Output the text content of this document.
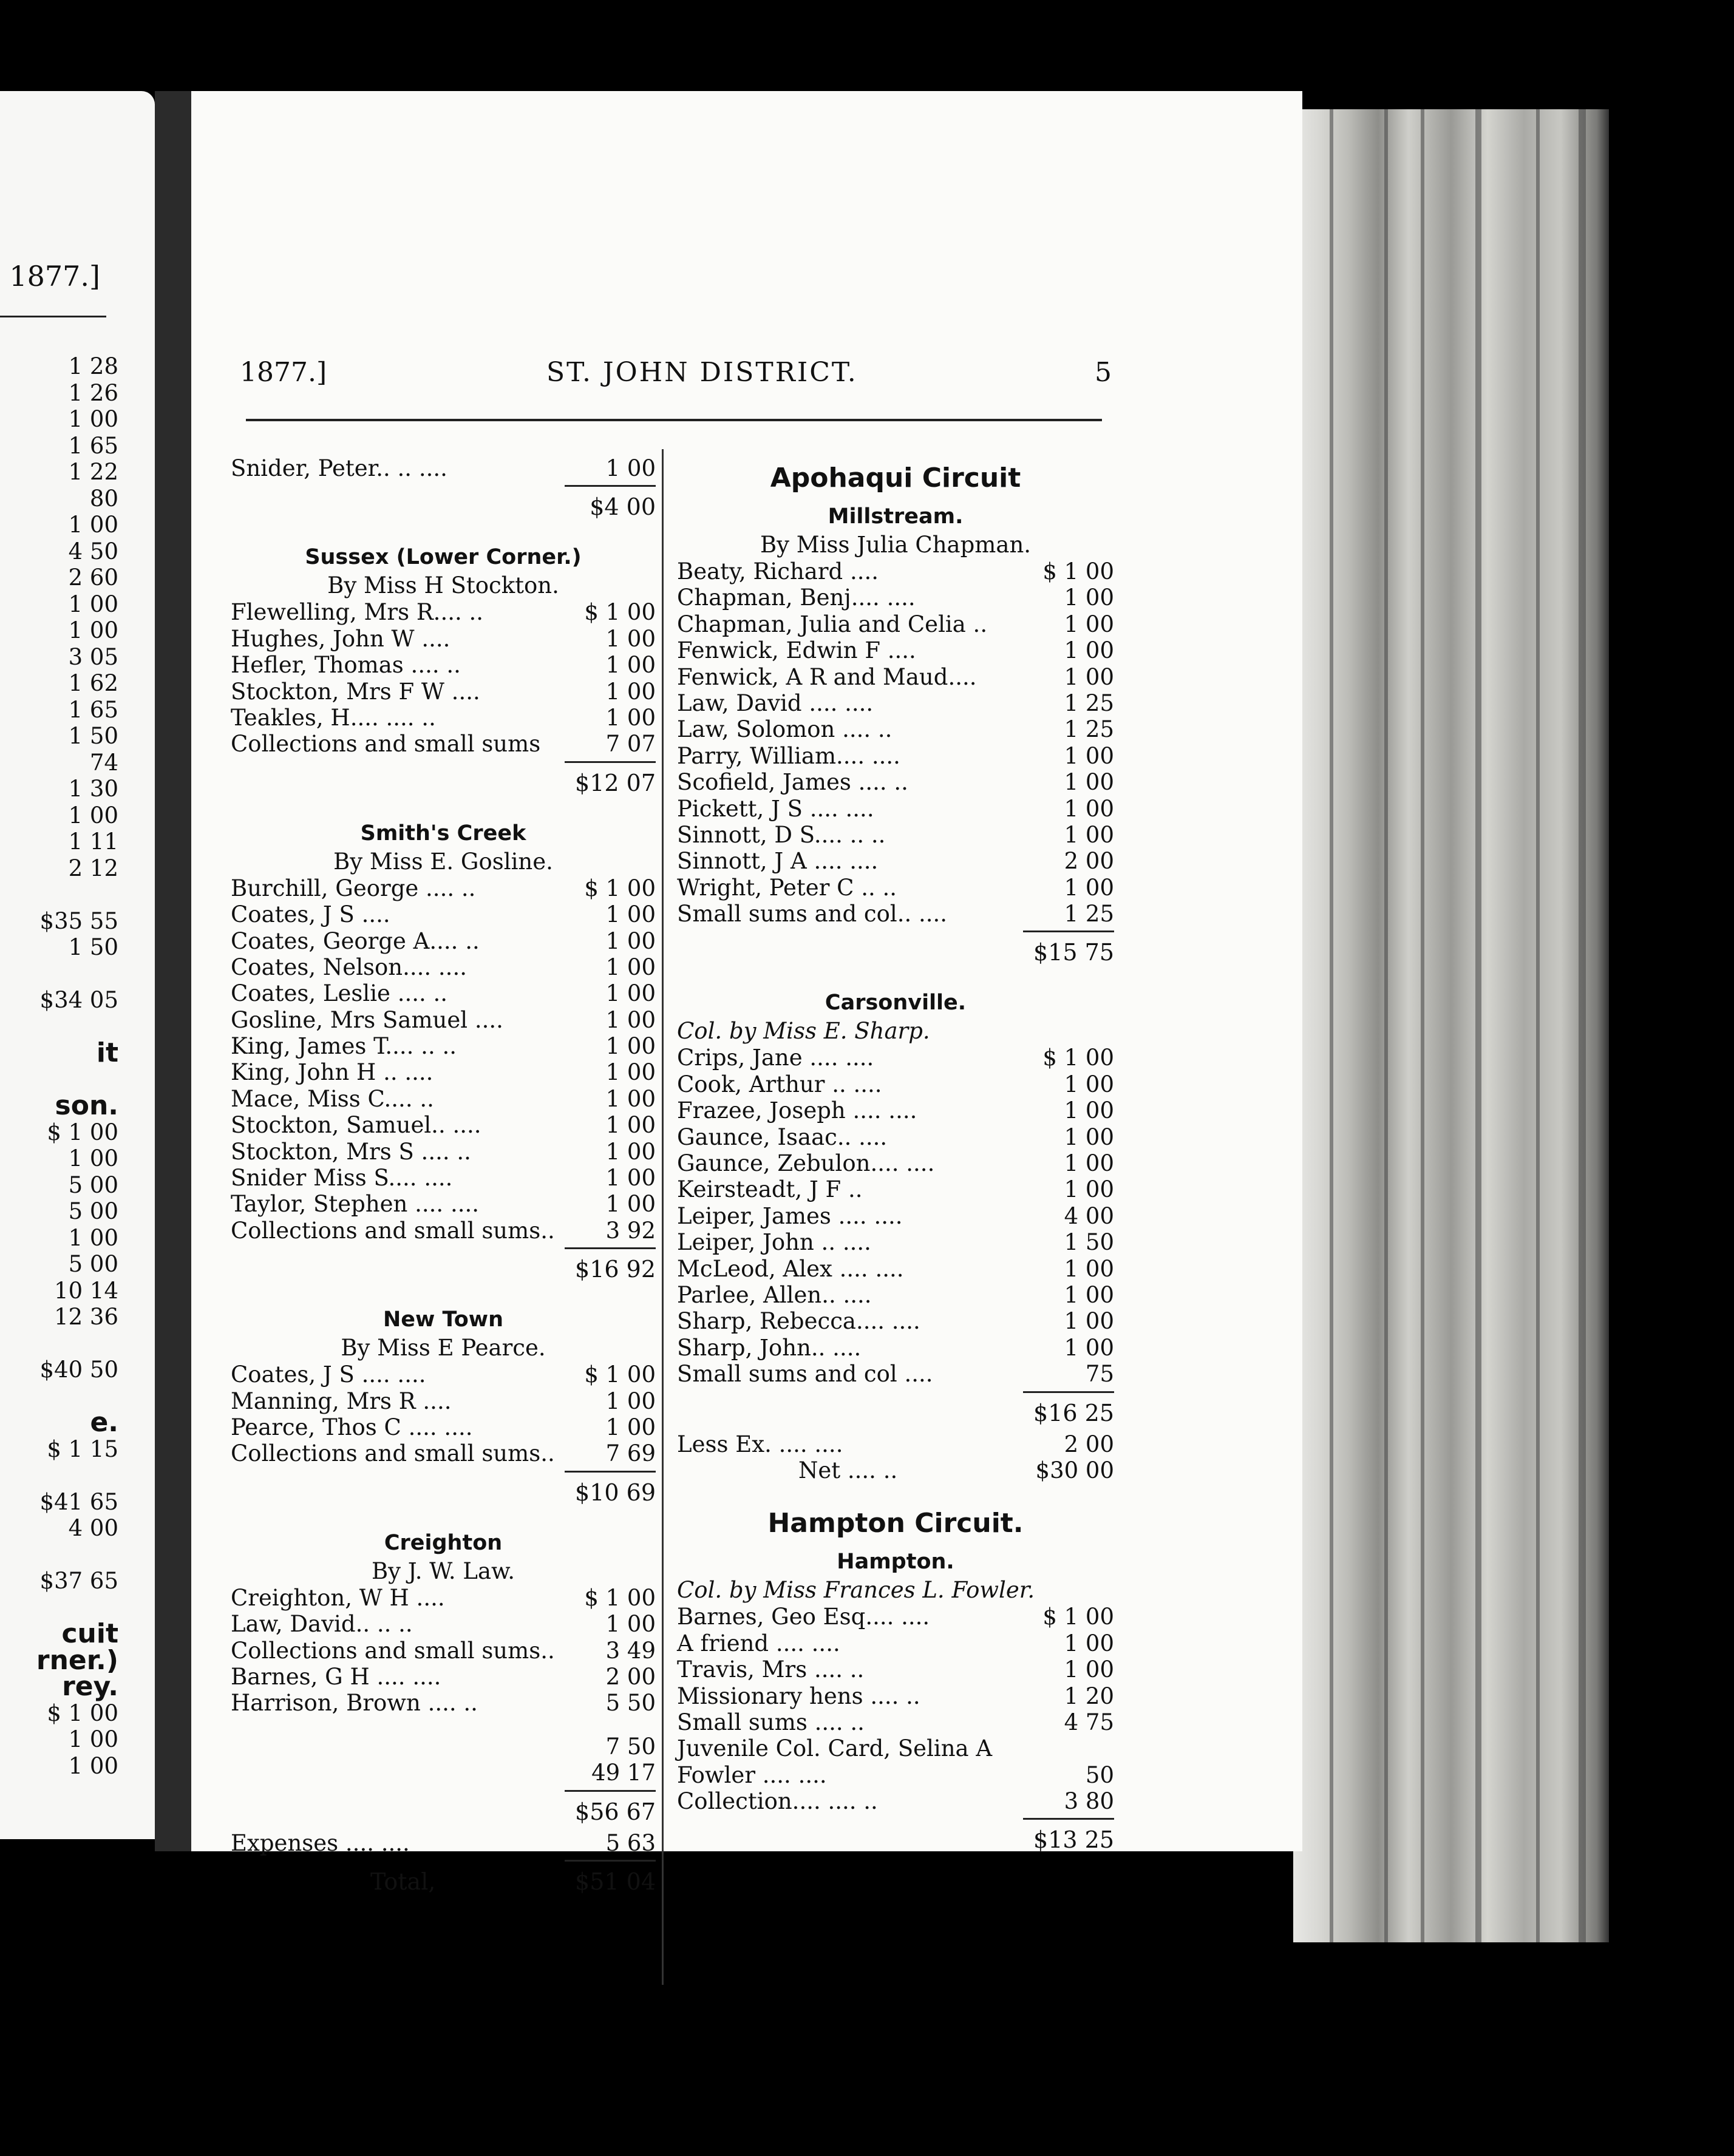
1877.]
1 28
1 26
1 00
1 65
1 22
80
1 00
4 50
2 60
1 00
1 00
3 05
1 62
1 65
1 50
74
1 30
1 00
1 11
2 12
$35 55
1 50
$34 05
it
son.
$ 1 00
1 00
5 00
5 00
1 00
5 00
10 14
12 36
$40 50
e.
$ 1 15
$41 65
4 00
$37 65
cuit
rner.)
rey.
$ 1 00
1 00
1 00
1877.]	ST. JOHN DISTRICT.	5
Snider, Peter.. .. ....	1 00
$4 00
Sussex (Lower Corner.)
By Miss H Stockton.
Flewelling, Mrs R.... ..	$ 1 00
Hughes, John W ....	1 00
Hefler, Thomas .... ..	1 00
Stockton, Mrs F W ....	1 00
Teakles, H.... .... ..	1 00
Collections and small sums	7 07
$12 07
Smith's Creek
By Miss E. Gosline.
Burchill, George .... ..	$ 1 00
Coates, J S ....	1 00
Coates, George A.... ..	1 00
Coates, Nelson.... ....	1 00
Coates, Leslie .... ..	1 00
Gosline, Mrs Samuel ....	1 00
King, James T.... .. ..	1 00
King, John H .. ....	1 00
Mace, Miss C.... ..	1 00
Stockton, Samuel.. ....	1 00
Stockton, Mrs S .... ..	1 00
Snider Miss S.... ....	1 00
Taylor, Stephen .... ....	1 00
Collections and small sums.. 3 92
$16 92
New Town
By Miss E Pearce.
Coates, J S .... ....	$ 1 00
Manning, Mrs R ....	1 00
Pearce, Thos C .... ....	1 00
Collections and small sums.. 7 69
$10 69
Creighton
By J. W. Law.
Creighton, W H ....	$ 1 00
Law, David.. .. ..	1 00
Collections and small sums.. 3 49
Barnes, G H .... ....	2 00
Harrison, Brown .... ..	5 50
7 50
49 17
$56 67
Expenses .... ....	5 63
Total,	$51 04
Apohaqui Circuit
Millstream.
By Miss Julia Chapman.
Beaty, Richard ....	$ 1 00
Chapman, Benj.... ....	1 00
Chapman, Julia and Celia ..	1 00
Fenwick, Edwin F ....	1 00
Fenwick, A R and Maud....	1 00
Law, David .... ....	1 25
Law, Solomon .... ..	1 25
Parry, William.... ....	1 00
Scofield, James .... ..	1 00
Pickett, J S .... ....	1 00
Sinnott, D S.... .. ..	1 00
Sinnott, J A .... ....	2 00
Wright, Peter C .. ..	1 00
Small sums and col.. ....	1 25
$15 75
Carsonville.
Col. by Miss E. Sharp.
Crips, Jane .... ....	$ 1 00
Cook, Arthur .. ....	1 00
Frazee, Joseph .... ....	1 00
Gaunce, Isaac.. ....	1 00
Gaunce, Zebulon.... ....	1 00
Keirsteadt, J F ..	1 00
Leiper, James .... ....	4 00
Leiper, John .. ....	1 50
McLeod, Alex .... ....	1 00
Parlee, Allen.. ....	1 00
Sharp, Rebecca.... ....	1 00
Sharp, John.. ....	1 00
Small sums and col ....	75
$16 25
Less Ex. .... ....	2 00
Net .... ..	$30 00
Hampton Circuit.
Hampton.
Col. by Miss Frances L. Fowler.
Barnes, Geo Esq.... ....	$ 1 00
A friend .... ....	1 00
Travis, Mrs .... ..	1 00
Missionary hens .... ..	1 20
Small sums .... ..	4 75
Juvenile Col. Card, Selina A
Fowler .... ....	50
Collection.... .... ..	3 80
$13 25
